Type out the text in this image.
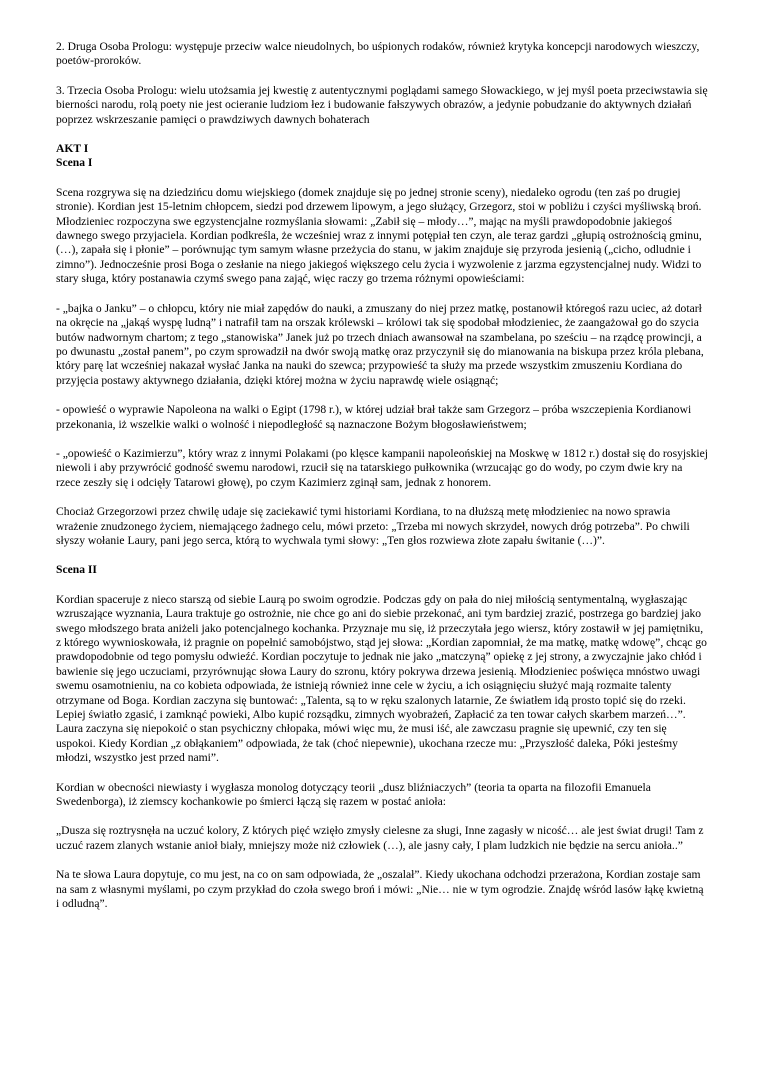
2. Druga Osoba Prologu: występuje przeciw walce nieudolnych, bo uśpionych rodaków, również krytyka koncepcji narodowych wieszczy, poetów-proroków.

3. Trzecia Osoba Prologu: wielu utożsamia jej kwestię z autentycznymi poglądami samego Słowackiego, w jej myśl poeta przeciwstawia się bierności narodu, rolą poety nie jest ocieranie ludziom łez i budowanie fałszywych obrazów, a jedynie pobudzanie do aktywnych działań poprzez wskrzeszanie pamięci o prawdziwych dawnych bohaterach

AKT I
Scena I

Scena rozgrywa się na dziedzińcu domu wiejskiego (domek znajduje się po jednej stronie sceny), niedaleko ogrodu (ten zaś po drugiej stronie). Kordian jest 15-letnim chłopcem, siedzi pod drzewem lipowym, a jego służący, Grzegorz, stoi w pobliżu i czyści myśliwską broń. Młodzieniec rozpoczyna swe egzystencjalne rozmyślania słowami: „Zabił się – młody…”, mając na myśli prawdopodobnie jakiegoś dawnego swego przyjaciela. Kordian podkreśla, że wcześniej wraz z innymi potępiał ten czyn, ale teraz gardzi „głupią ostrożnością gminu, (…), zapała się i płonie” – porównując tym samym własne przeżycia do stanu, w jakim znajduje się przyroda jesienią („cicho, odludnie i zimno”). Jednocześnie prosi Boga o zesłanie na niego jakiegoś większego celu życia i wyzwolenie z jarzma egzystencjalnej nudy. Widzi to stary sługa, który postanawia czymś swego pana zająć, więc raczy go trzema różnymi opowieściami:

- „bajka o Janku” – o chłopcu, który nie miał zapędów do nauki, a zmuszany do niej przez matkę, postanowił któregoś razu uciec, aż dotarł na okręcie na „jakąś wyspę ludną” i natrafił tam na orszak królewski – królowi tak się spodobał młodzieniec, że zaangażował go do szycia butów nadwornym chartom; z tego „stanowiska” Janek już po trzech dniach awansował na szambelana, po sześciu – na rządcę prowincji, a po dwunastu „został panem”, po czym sprowadził na dwór swoją matkę oraz przyczynił się do mianowania na biskupa przez króla plebana, który parę lat wcześniej nakazał wysłać Janka na nauki do szewca; przypowieść ta służy ma przede wszystkim zmuszeniu Kordiana do przyjęcia postawy aktywnego działania, dzięki której można w życiu naprawdę wiele osiągnąć;

- opowieść o wyprawie Napoleona na walki o Egipt (1798 r.), w której udział brał także sam Grzegorz – próba wszczepienia Kordianowi przekonania, iż wszelkie walki o wolność i niepodległość są naznaczone Bożym błogosławieństwem;

- „opowieść o Kazimierzu”, który wraz z innymi Polakami (po klęsce kampanii napoleońskiej na Moskwę w 1812 r.) dostał się do rosyjskiej niewoli i aby przywrócić godność swemu narodowi, rzucił się na tatarskiego pułkownika (wrzucając go do wody, po czym dwie kry na rzece zeszły się i odcięły Tatarowi głowę), po czym Kazimierz zginął sam, jednak z honorem.

Chociaż Grzegorzowi przez chwilę udaje się zaciekawić tymi historiami Kordiana, to na dłuższą metę młodzieniec na nowo sprawia wrażenie znudzonego życiem, niemającego żadnego celu, mówi przeto: „Trzeba mi nowych skrzydeł, nowych dróg potrzeba”. Po chwili słyszy wołanie Laury, pani jego serca, którą to wychwala tymi słowy: „Ten głos rozwiewa złote zapału świtanie (…)”.

Scena II

Kordian spaceruje z nieco starszą od siebie Laurą po swoim ogrodzie. Podczas gdy on pała do niej miłością sentymentalną, wygłaszając wzruszające wyznania, Laura traktuje go ostrożnie, nie chce go ani do siebie przekonać, ani tym bardziej zrazić, postrzega go bardziej jako swego młodszego brata aniżeli jako potencjalnego kochanka. Przyznaje mu się, iż przeczytała jego wiersz, który zostawił w jej pamiętniku, z którego wywnioskowała, iż pragnie on popełnić samobójstwo, stąd jej słowa: „Kordian zapomniał, że ma matkę, matkę wdowę”, chcąc go prawdopodobnie od tego pomysłu odwieźć. Kordian poczytuje to jednak nie jako „matczyną” opiekę z jej strony, a zwyczajnie jako chłód i bawienie się jego uczuciami, przyrównując słowa Laury do szronu, który pokrywa drzewa jesienią. Młodzieniec poświęca mnóstwo uwagi swemu osamotnieniu, na co kobieta odpowiada, że istnieją również inne cele w życiu, a ich osiągnięciu służyć mają rozmaite talenty otrzymane od Boga. Kordian zaczyna się buntować: „Talenta, są to w ręku szalonych latarnie, Ze światłem idą prosto topić się do rzeki. Lepiej światło zgasić, i zamknąć powieki, Albo kupić rozsądku, zimnych wyobrażeń, Zapłacić za ten towar całych skarbem marzeń…”. Laura zaczyna się niepokoić o stan psychiczny chłopaka, mówi więc mu, że musi iść, ale zawczasu pragnie się upewnić, czy ten się uspokoi. Kiedy Kordian „z obłąkaniem” odpowiada, że tak (choć niepewnie), ukochana rzecze mu: „Przyszłość daleka, Póki jesteśmy młodzi, wszystko jest przed nami”.

Kordian w obecności niewiasty i wygłasza monolog dotyczący teorii „dusz bliźniaczych” (teoria ta oparta na filozofii Emanuela Swedenborga), iż ziemscy kochankowie po śmierci łączą się razem w postać anioła:

„Dusza się roztrysnęła na uczuć kolory, Z których pięć wzięło zmysły cielesne za sługi, Inne zagasły w nicość… ale jest świat drugi! Tam z uczuć razem zlanych wstanie anioł biały, mniejszy może niż człowiek (…), ale jasny cały, I plam ludzkich nie będzie na sercu anioła..”

Na te słowa Laura dopytuje, co mu jest, na co on sam odpowiada, że „oszalał”. Kiedy ukochana odchodzi przerażona, Kordian zostaje sam na sam z własnymi myślami, po czym przykład do czoła swego broń i mówi: „Nie… nie w tym ogrodzie. Znajdę wśród lasów łąkę kwietną i odludną”.
